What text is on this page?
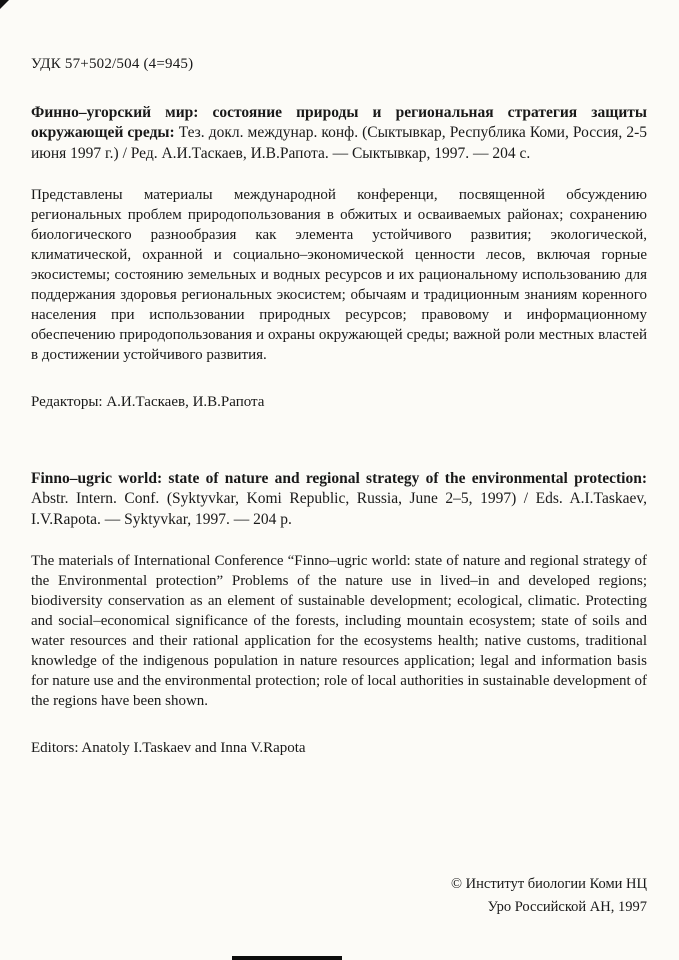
УДК 57+502/504 (4=945)

Финно–угорский мир: состояние природы и региональная стратегия защиты окружающей среды: Тез. докл. междунар. конф. (Сыктывкар, Республика Коми, Россия, 2-5 июня 1997 г.) / Ред. А.И.Таскаев, И.В.Рапота. — Сыктывкар, 1997. — 204 с.

Представлены материалы международной конференци, посвященной обсуждению региональных проблем природопользования в обжитых и осваиваемых районах; сохранению биологического разнообразия как элемента устойчивого развития; экологической, климатической, охранной и социально–экономической ценности лесов, включая горные экосистемы; состоянию земельных и водных ресурсов и их рациональному использованию для поддержания здоровья региональных экосистем; обычаям и традиционным знаниям коренного населения при использовании природных ресурсов; правовому и информационному обеспечению природопользования и охраны окружающей среды; важной роли местных властей в достижении устойчивого развития.

Редакторы: А.И.Таскаев, И.В.Рапота

Finno–ugric world: state of nature and regional strategy of the environmental protection: Abstr. Intern. Conf. (Syktyvkar, Komi Republic, Russia, June 2–5, 1997) / Eds. A.I.Taskaev, I.V.Rapota. — Syktyvkar, 1997. — 204 p.

The materials of International Conference “Finno–ugric world: state of nature and regional strategy of the Environmental protection” Problems of the nature use in lived–in and developed regions; biodiversity conservation as an element of sustainable development; ecological, climatic. Protecting and social–economical significance of the forests, including mountain ecosystem; state of soils and water resources and their rational application for the ecosystems health; native customs, traditional knowledge of the indigenous population in nature resources application; legal and information basis for nature use and the environmental protection; role of local authorities in sustainable development of the regions have been shown.

Editors: Anatoly I.Taskaev and Inna V.Rapota

© Институт биологии Коми НЦ
Уро Российской АН, 1997
